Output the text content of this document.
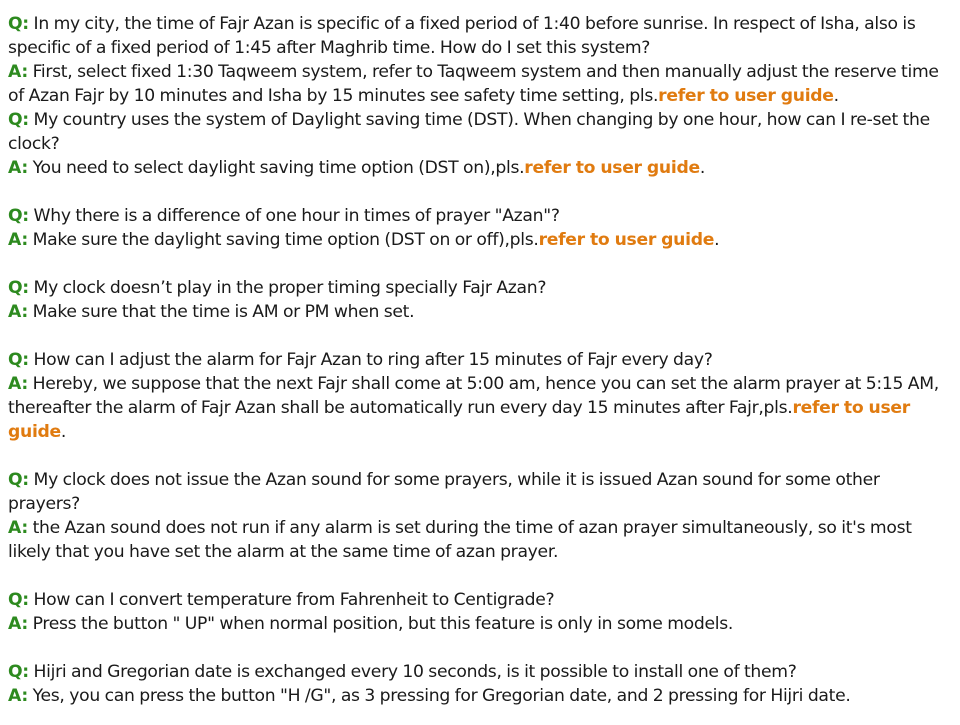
Q: In my city, the time of Fajr Azan is specific of a fixed period of 1:40 before sunrise. In respect of Isha, also is specific of a fixed period of 1:45 after Maghrib time. How do I set this system?

A: First, select fixed 1:30 Taqweem system, refer to Taqweem system and then manually adjust the reserve time of Azan Fajr by 10 minutes and Isha by 15 minutes see safety time setting, pls.refer to user guide.

Q: My country uses the system of Daylight saving time (DST). When changing by one hour, how can I re-set the clock?

A: You need to select daylight saving time option (DST on),pls.refer to user guide.

Q: Why there is a difference of one hour in times of prayer "Azan"?

A: Make sure the daylight saving time option (DST on or off),pls.refer to user guide.

Q: My clock doesn’t play in the proper timing specially Fajr Azan?

A: Make sure that the time is AM or PM when set.

Q: How can I adjust the alarm for Fajr Azan to ring after 15 minutes of Fajr every day?

A: Hereby, we suppose that the next Fajr shall come at 5:00 am, hence you can set the alarm prayer at 5:15 AM, thereafter the alarm of Fajr Azan shall be automatically run every day 15 minutes after Fajr,pls.refer to user guide.

Q: My clock does not issue the Azan sound for some prayers, while it is issued Azan sound for some other prayers?

A: the Azan sound does not run if any alarm is set during the time of azan prayer simultaneously, so it's most likely that you have set the alarm at the same time of azan prayer.

Q: How can I convert temperature from Fahrenheit to Centigrade?

A: Press the button " UP" when normal position, but this feature is only in some models.

Q: Hijri and Gregorian date is exchanged every 10 seconds, is it possible to install one of them?

A: Yes, you can press the button "H /G", as 3 pressing for Gregorian date, and 2 pressing for Hijri date.
